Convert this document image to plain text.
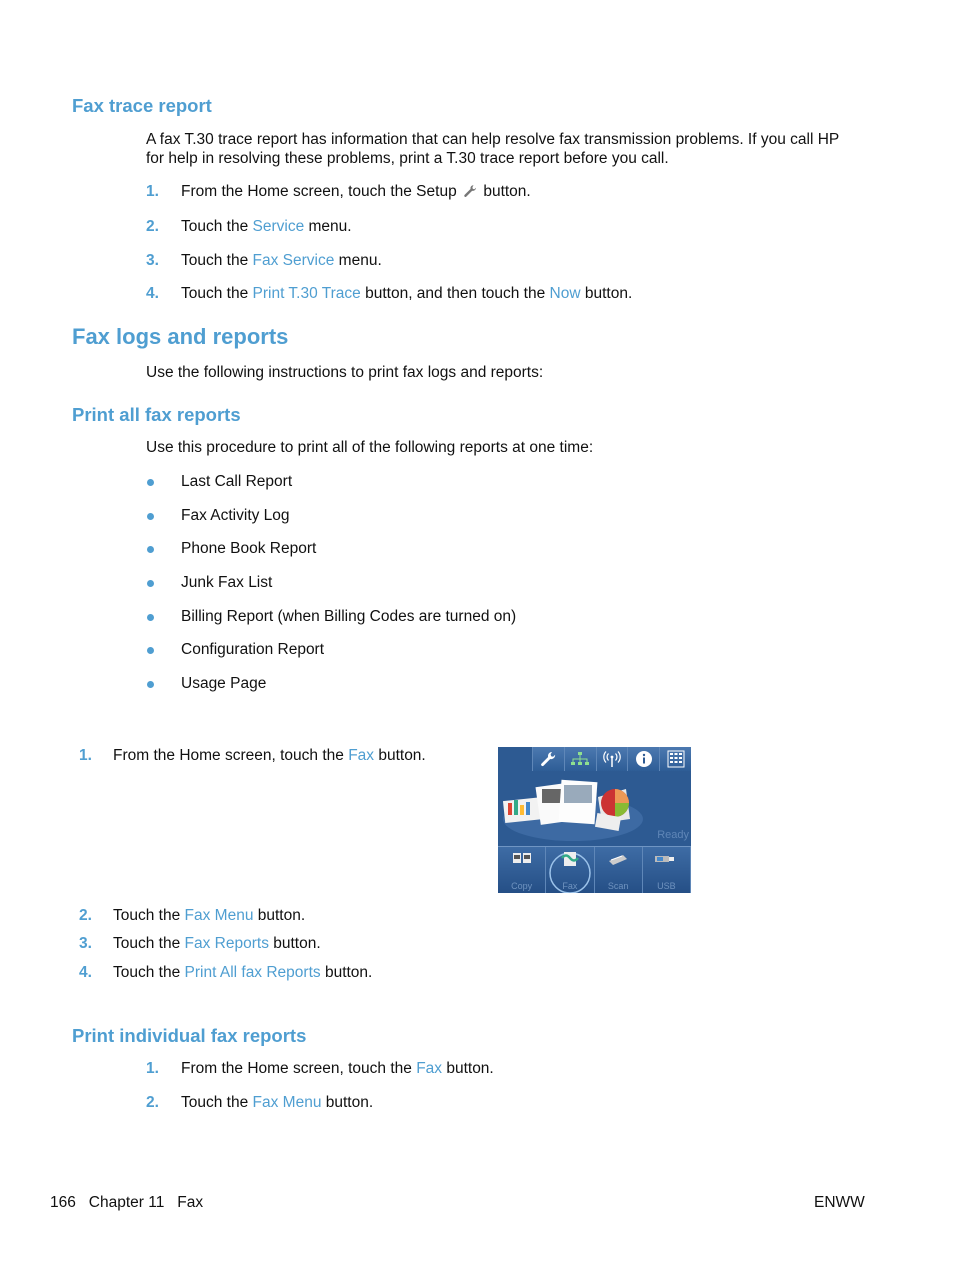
Fax trace report
A fax T.30 trace report has information that can help resolve fax transmission problems. If you call HP
for help in resolving these problems, print a T.30 trace report before you call.
1. From the Home screen, touch the Setup button.
2. Touch the Service menu.
3. Touch the Fax Service menu.
4. Touch the Print T.30 Trace button, and then touch the Now button.
Fax logs and reports
Use the following instructions to print fax logs and reports:
Print all fax reports
Use this procedure to print all of the following reports at one time:
Last Call Report
Fax Activity Log
Phone Book Report
Junk Fax List
Billing Report (when Billing Codes are turned on)
Configuration Report
Usage Page
1. From the Home screen, touch the Fax button.
Ready
Copy	Fax	Scan	USB
2. Touch the Fax Menu button.
3. Touch the Fax Reports button.
4. Touch the Print All fax Reports button.
Print individual fax reports
1. From the Home screen, touch the Fax button.
2. Touch the Fax Menu button.
166   Chapter 11   Fax	ENWW
